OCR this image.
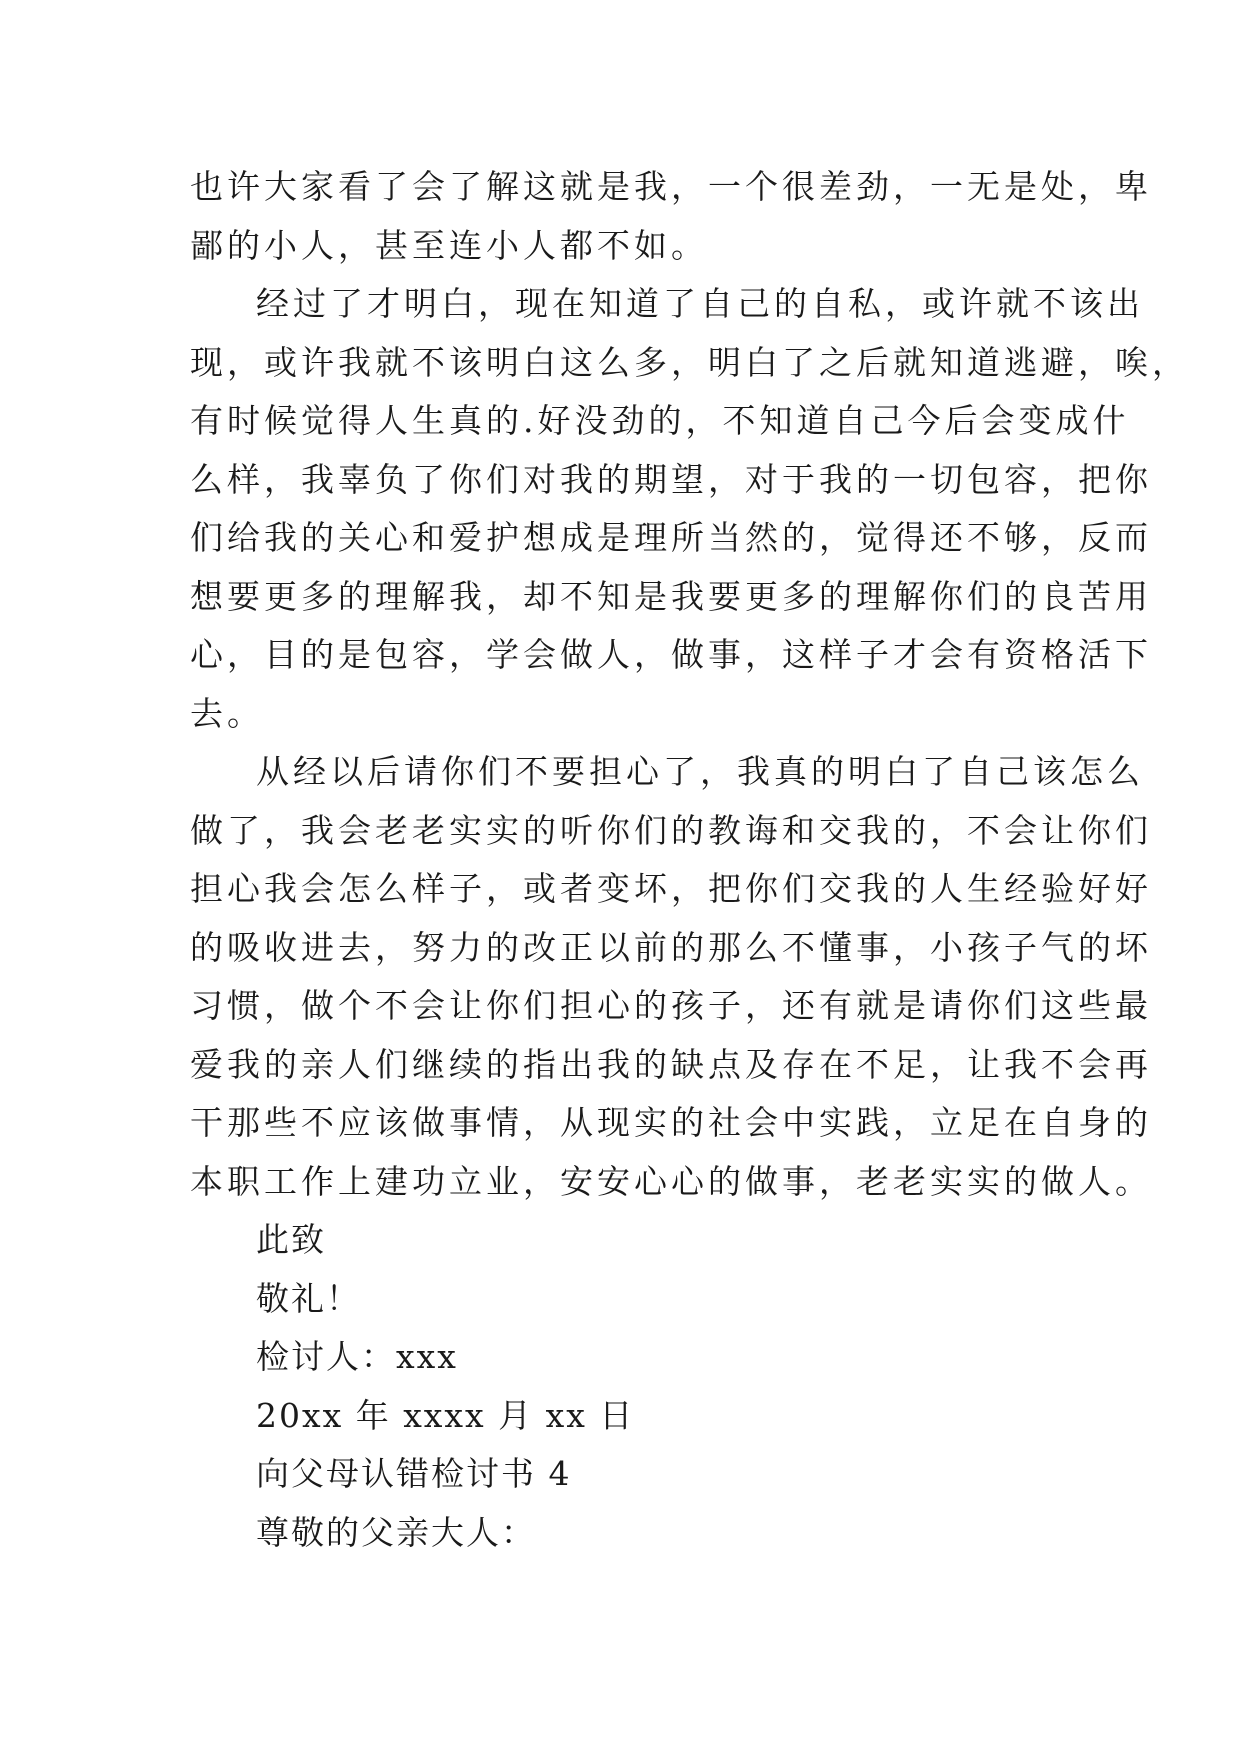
也许大家看了会了解这就是我，一个很差劲，一无是处，卑
鄙的小人，甚至连小人都不如。
经过了才明白，现在知道了自己的自私，或许就不该出
现，或许我就不该明白这么多，明白了之后就知道逃避，唉，
有时候觉得人生真的.好没劲的，不知道自己今后会变成什
么样，我辜负了你们对我的期望，对于我的一切包容，把你
们给我的关心和爱护想成是理所当然的，觉得还不够，反而
想要更多的理解我，却不知是我要更多的理解你们的良苦用
心，目的是包容，学会做人，做事，这样子才会有资格活下
去。
从经以后请你们不要担心了，我真的明白了自己该怎么
做了，我会老老实实的听你们的教诲和交我的，不会让你们
担心我会怎么样子，或者变坏，把你们交我的人生经验好好
的吸收进去，努力的改正以前的那么不懂事，小孩子气的坏
习惯，做个不会让你们担心的孩子，还有就是请你们这些最
爱我的亲人们继续的指出我的缺点及存在不足，让我不会再
干那些不应该做事情，从现实的社会中实践，立足在自身的
本职工作上建功立业，安安心心的做事，老老实实的做人。
此致
敬礼！
检讨人：xxx
20xx 年 xxxx 月 xx 日
向父母认错检讨书 4
尊敬的父亲大人：
